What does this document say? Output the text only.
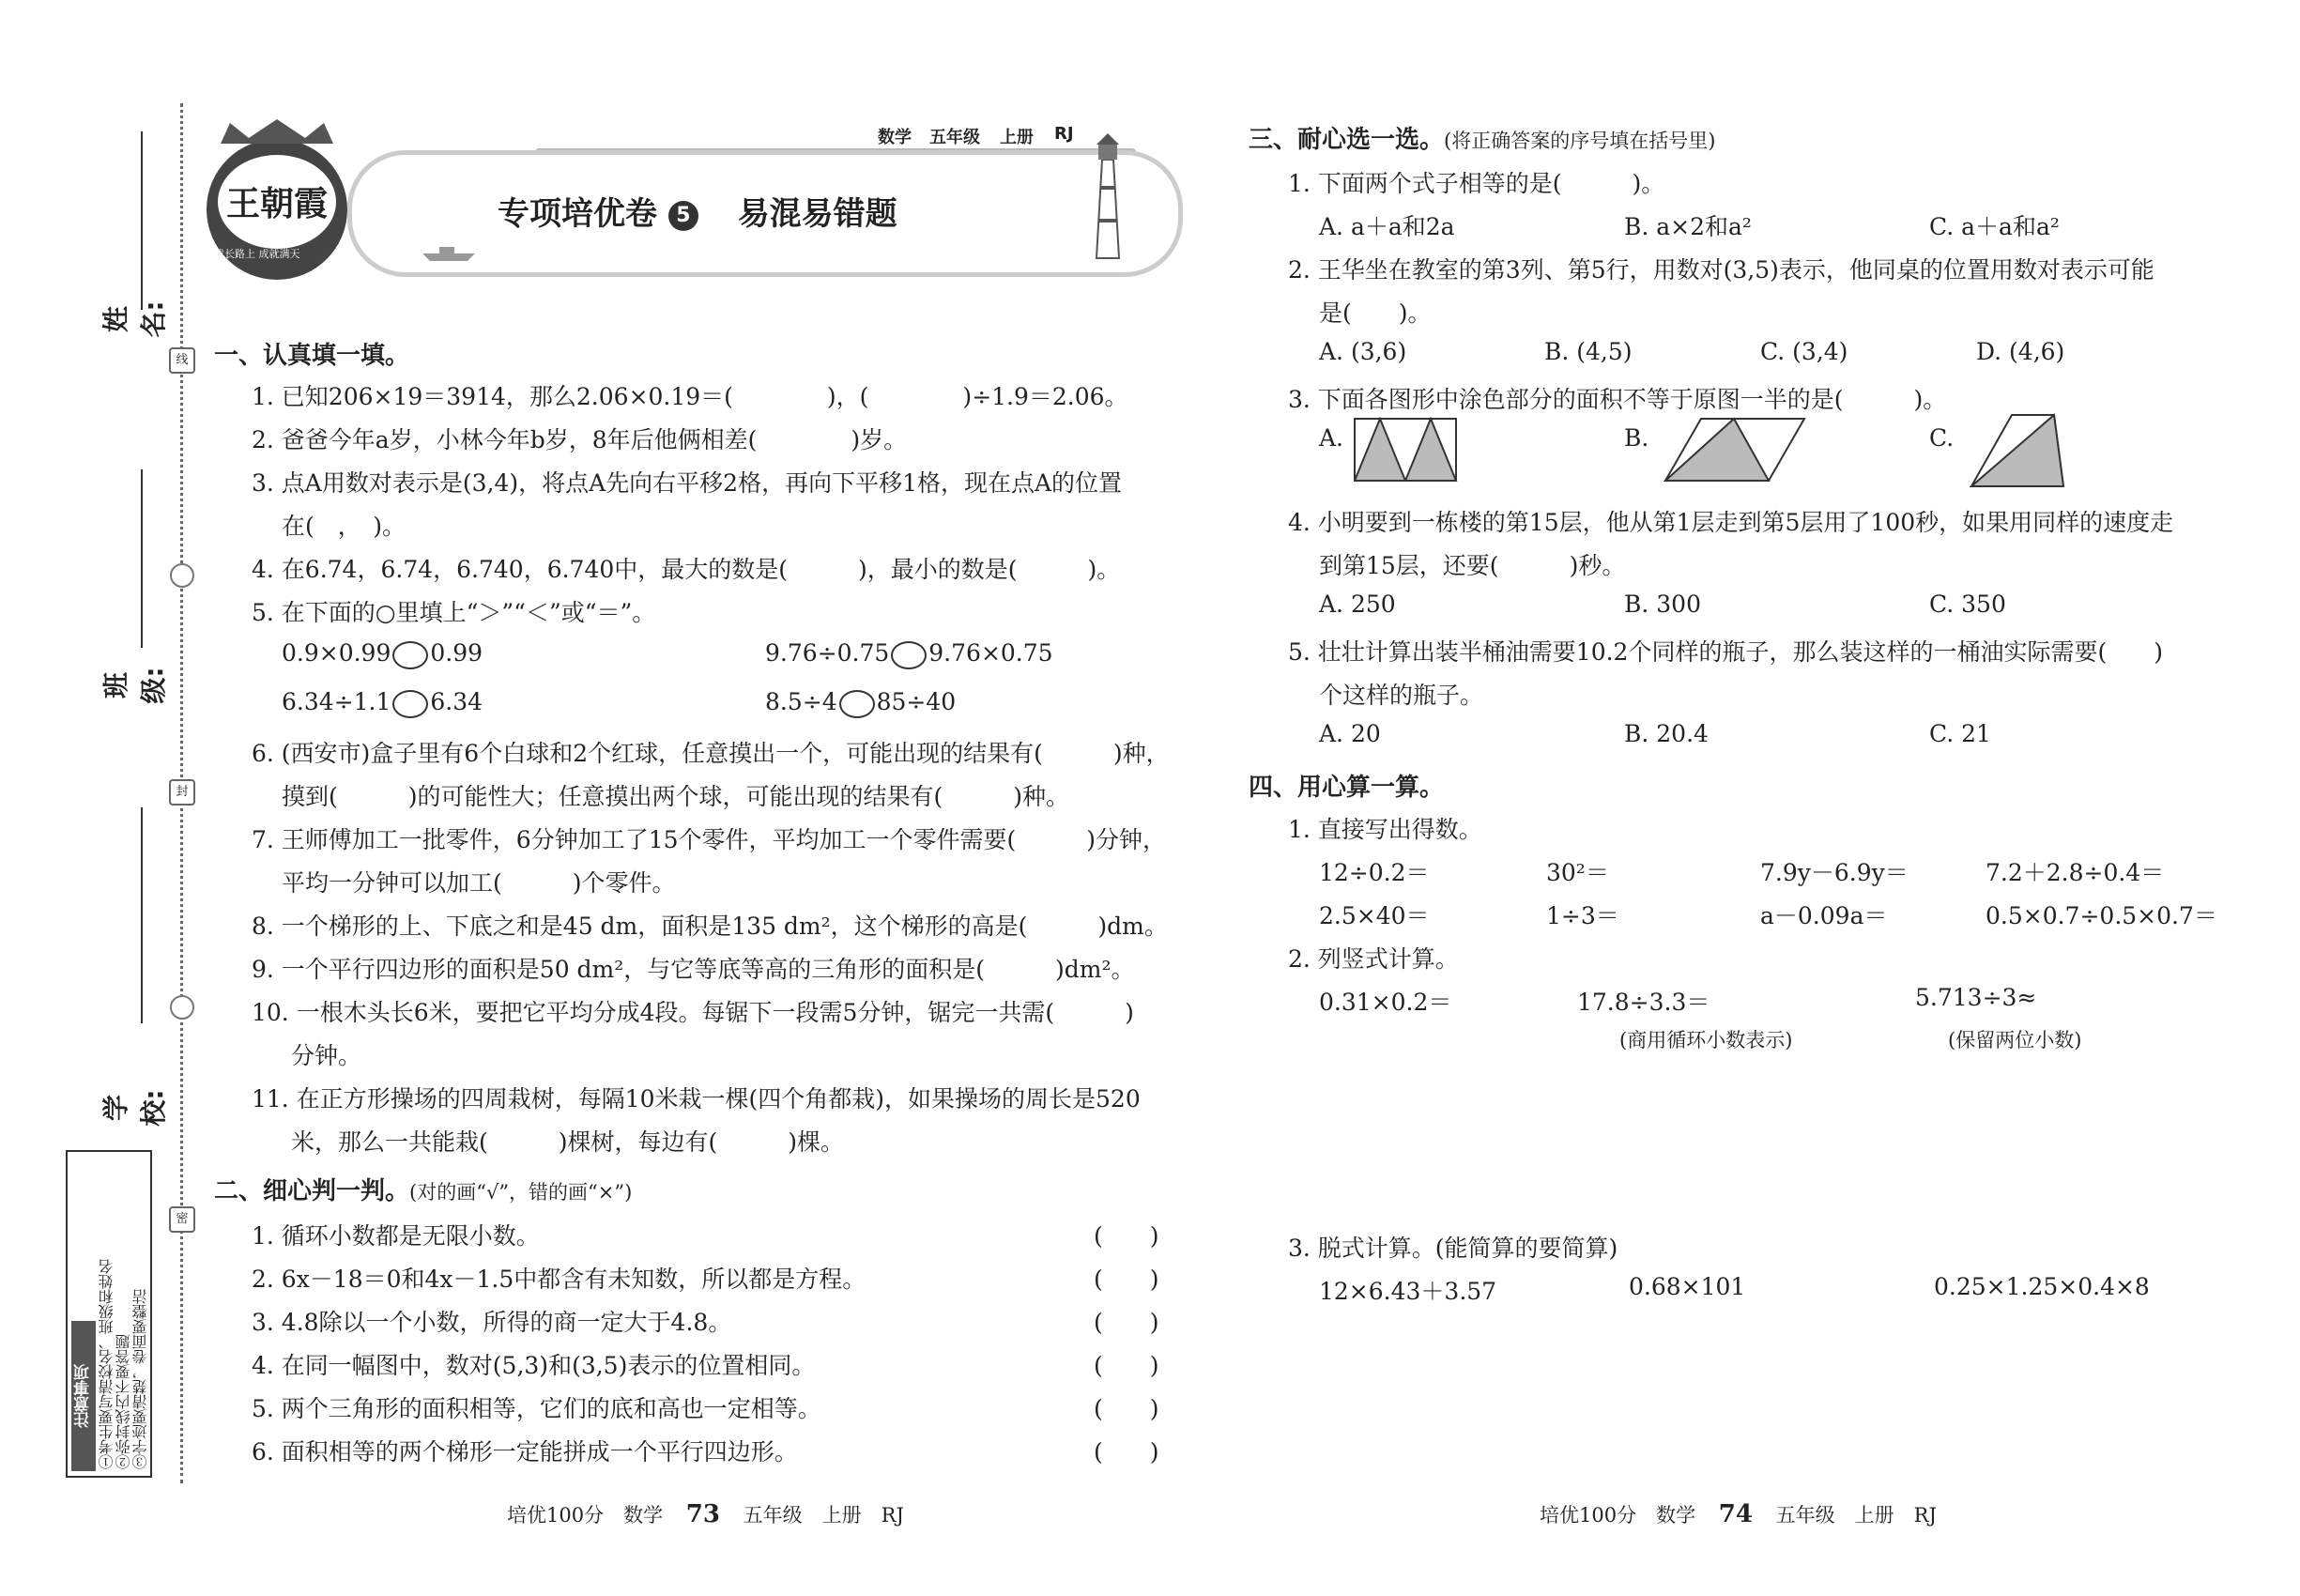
姓 名:
班 级:
学 校:
线
封
密
注意事项 ①考生要写清校名、班级和姓名 ②弥封线内不要答题 ③字迹要清楚，卷面要整洁
王朝霞
成长路上 成就满天
数学 五年级 上册 RJ
专项培优卷 5 易混易错题
一、认真填一填。
1. 已知206×19＝3914，那么2.06×0.19＝(　　　　)，(　　　　)÷1.9＝2.06。
2. 爸爸今年a岁，小林今年b岁，8年后他俩相差(　　　　)岁。
3. 点A用数对表示是(3,4)，将点A先向右平移2格，再向下平移1格，现在点A的位置
在(　，　)。
4. 在6.74，6.74，6.740，6.740中，最大的数是(　　　)，最小的数是(　　　)。
5. 在下面的○里填上“＞”“＜”或“＝”。
0.9×0.99 0.99	9.76÷0.75 9.76×0.75
6.34÷1.1 6.34	8.5÷4 85÷40
6. (西安市)盒子里有6个白球和2个红球，任意摸出一个，可能出现的结果有(　　　)种，
摸到(　　　)的可能性大；任意摸出两个球，可能出现的结果有(　　　)种。
7. 王师傅加工一批零件，6分钟加工了15个零件，平均加工一个零件需要(　　　)分钟，
平均一分钟可以加工(　　　)个零件。
8. 一个梯形的上、下底之和是45 dm，面积是135 dm²，这个梯形的高是(　　　)dm。
9. 一个平行四边形的面积是50 dm²，与它等底等高的三角形的面积是(　　　)dm²。
10. 一根木头长6米，要把它平均分成4段。每锯下一段需5分钟，锯完一共需(　　　)
分钟。
11. 在正方形操场的四周栽树，每隔10米栽一棵(四个角都栽)，如果操场的周长是520
米，那么一共能栽(　　　)棵树，每边有(　　　)棵。
二、细心判一判。(对的画“√”，错的画“×”)
1. 循环小数都是无限小数。	(　　)
2. 6x－18＝0和4x－1.5中都含有未知数，所以都是方程。	(　　)
3. 4.8除以一个小数，所得的商一定大于4.8。	(　　)
4. 在同一幅图中，数对(5,3)和(3,5)表示的位置相同。	(　　)
5. 两个三角形的面积相等，它们的底和高也一定相等。	(　　)
6. 面积相等的两个梯形一定能拼成一个平行四边形。	(　　)
培优100分　数学 73 五年级　上册　RJ
三、耐心选一选。(将正确答案的序号填在括号里)
1. 下面两个式子相等的是(　　　)。
A. a＋a和2a	B. a×2和a²	C. a＋a和a²
2. 王华坐在教室的第3列、第5行，用数对(3,5)表示，他同桌的位置用数对表示可能
是(　　)。
A. (3,6)	B. (4,5)	C. (3,4)	D. (4,6)
3. 下面各图形中涂色部分的面积不等于原图一半的是(　　　)。
A.	B.	C.
4. 小明要到一栋楼的第15层，他从第1层走到第5层用了100秒，如果用同样的速度走
到第15层，还要(　　　)秒。
A. 250	B. 300	C. 350
5. 壮壮计算出装半桶油需要10.2个同样的瓶子，那么装这样的一桶油实际需要(　　)
个这样的瓶子。
A. 20	B. 20.4	C. 21
四、用心算一算。
1. 直接写出得数。
12÷0.2＝	30²＝	7.9y－6.9y＝	7.2＋2.8÷0.4＝
2.5×40＝	1÷3＝	a－0.09a＝	0.5×0.7÷0.5×0.7＝
2. 列竖式计算。
0.31×0.2＝	17.8÷3.3＝	5.713÷3≈
(商用循环小数表示)	(保留两位小数)
3. 脱式计算。(能简算的要简算)
12×6.43＋3.57	0.68×101	0.25×1.25×0.4×8
培优100分　数学 74 五年级　上册　RJ
